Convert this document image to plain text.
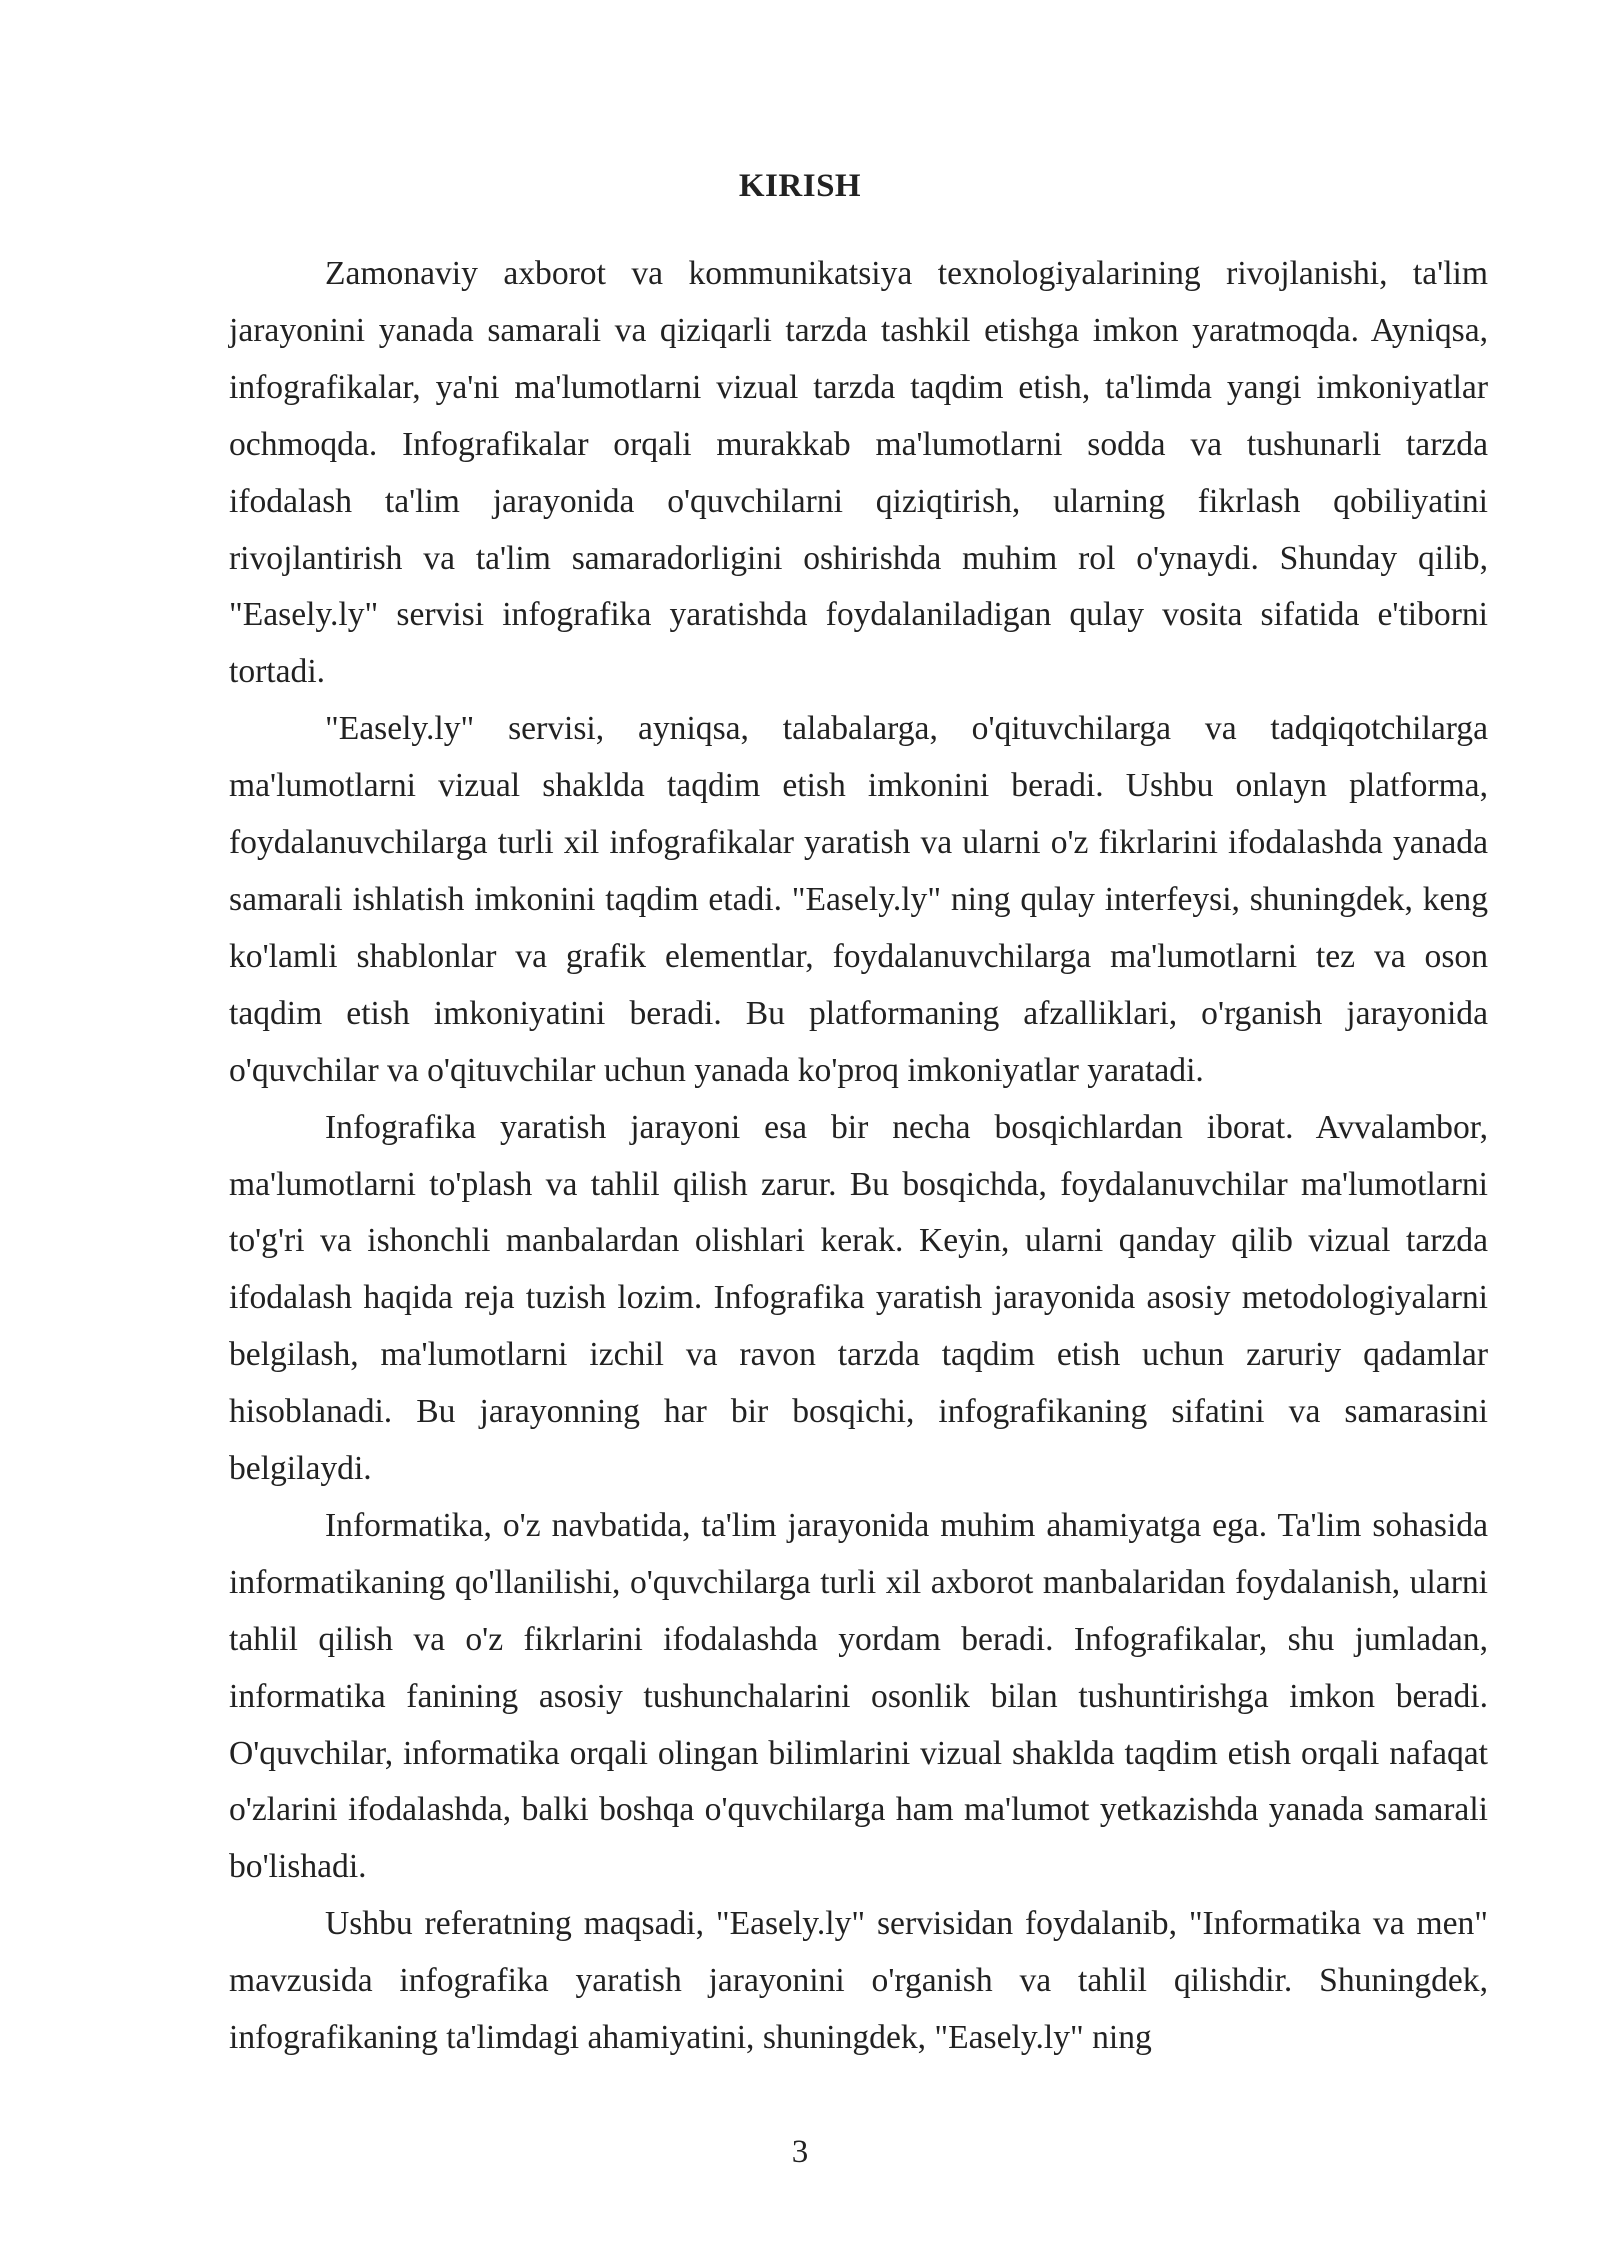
KIRISH

Zamonaviy axborot va kommunikatsiya texnologiyalarining rivojlanishi, ta'lim jarayonini yanada samarali va qiziqarli tarzda tashkil etishga imkon yaratmoqda. Ayniqsa, infografikalar, ya'ni ma'lumotlarni vizual tarzda taqdim etish, ta'limda yangi imkoniyatlar ochmoqda. Infografikalar orqali murakkab ma'lumotlarni sodda va tushunarli tarzda ifodalash ta'lim jarayonida o'quvchilarni qiziqtirish, ularning fikrlash qobiliyatini rivojlantirish va ta'lim samaradorligini oshirishda muhim rol o'ynaydi. Shunday qilib, "Easely.ly" servisi infografika yaratishda foydalaniladigan qulay vosita sifatida e'tiborni tortadi.

"Easely.ly" servisi, ayniqsa, talabalarga, o'qituvchilarga va tadqiqotchilarga ma'lumotlarni vizual shaklda taqdim etish imkonini beradi. Ushbu onlayn platforma, foydalanuvchilarga turli xil infografikalar yaratish va ularni o'z fikrlarini ifodalashda yanada samarali ishlatish imkonini taqdim etadi. "Easely.ly" ning qulay interfeysi, shuningdek, keng ko'lamli shablonlar va grafik elementlar, foydalanuvchilarga ma'lumotlarni tez va oson taqdim etish imkoniyatini beradi. Bu platformaning afzalliklari, o'rganish jarayonida o'quvchilar va o'qituvchilar uchun yanada ko'proq imkoniyatlar yaratadi.

Infografika yaratish jarayoni esa bir necha bosqichlardan iborat. Avvalambor, ma'lumotlarni to'plash va tahlil qilish zarur. Bu bosqichda, foydalanuvchilar ma'lumotlarni to'g'ri va ishonchli manbalardan olishlari kerak. Keyin, ularni qanday qilib vizual tarzda ifodalash haqida reja tuzish lozim. Infografika yaratish jarayonida asosiy metodologiyalarni belgilash, ma'lumotlarni izchil va ravon tarzda taqdim etish uchun zaruriy qadamlar hisoblanadi. Bu jarayonning har bir bosqichi, infografikaning sifatini va samarasini belgilaydi.

Informatika, o'z navbatida, ta'lim jarayonida muhim ahamiyatga ega. Ta'lim sohasida informatikaning qo'llanilishi, o'quvchilarga turli xil axborot manbalaridan foydalanish, ularni tahlil qilish va o'z fikrlarini ifodalashda yordam beradi. Infografikalar, shu jumladan, informatika fanining asosiy tushunchalarini osonlik bilan tushuntirishga imkon beradi. O'quvchilar, informatika orqali olingan bilimlarini vizual shaklda taqdim etish orqali nafaqat o'zlarini ifodalashda, balki boshqa o'quvchilarga ham ma'lumot yetkazishda yanada samarali bo'lishadi.

Ushbu referatning maqsadi, "Easely.ly" servisidan foydalanib, "Informatika va men" mavzusida infografika yaratish jarayonini o'rganish va tahlil qilishdir. Shuningdek, infografikaning ta'limdagi ahamiyatini, shuningdek, "Easely.ly" ning

3
